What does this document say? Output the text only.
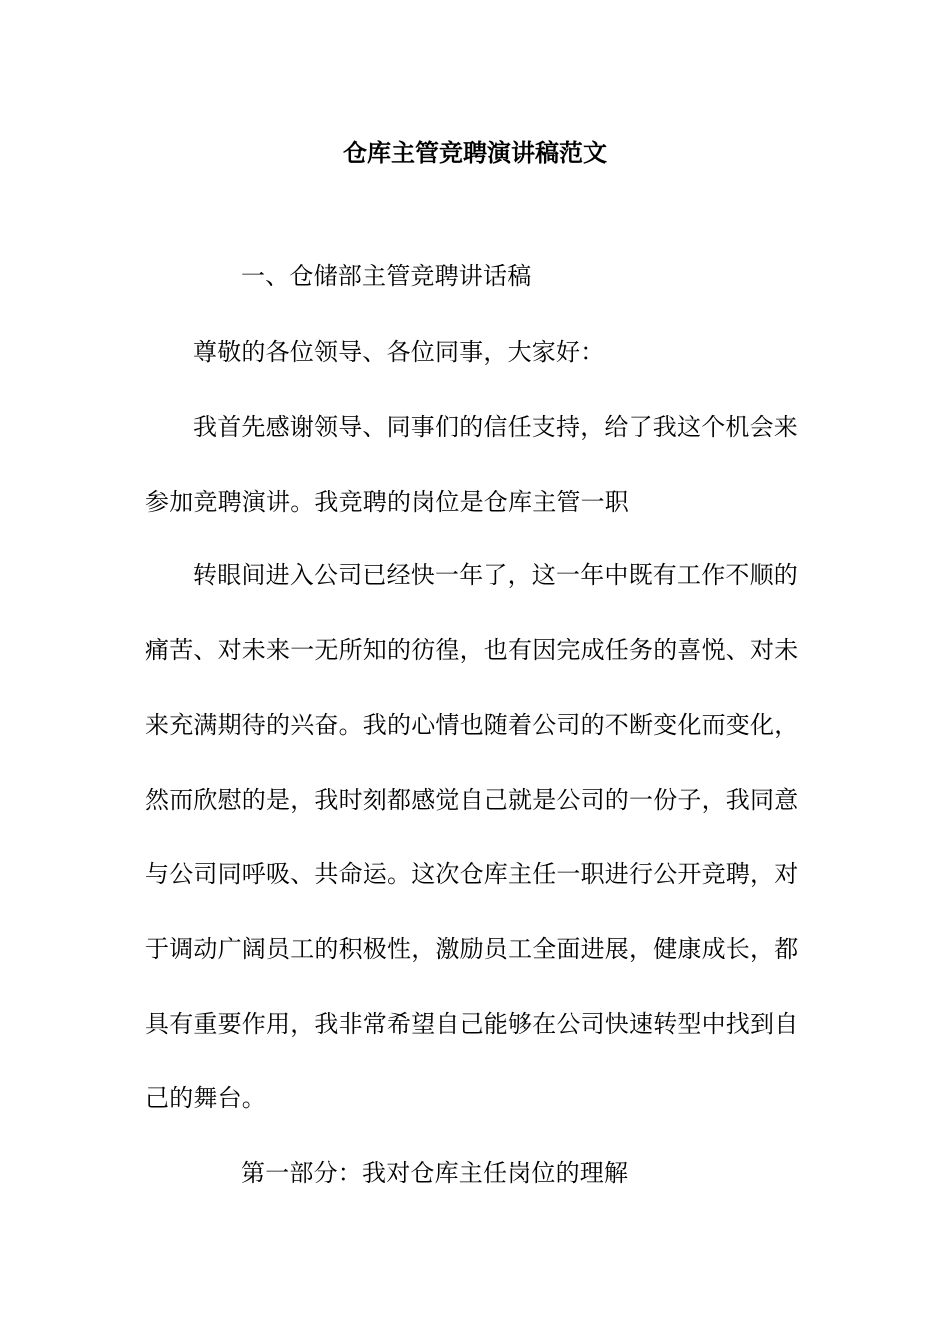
仓库主管竞聘演讲稿范文
一、仓储部主管竞聘讲话稿
尊敬的各位领导、各位同事，大家好：
我首先感谢领导、同事们的信任支持，给了我这个机会来
参加竞聘演讲。我竞聘的岗位是仓库主管一职
转眼间进入公司已经快一年了，这一年中既有工作不顺的
痛苦、对未来一无所知的彷徨，也有因完成任务的喜悦、对未
来充满期待的兴奋。我的心情也随着公司的不断变化而变化，
然而欣慰的是，我时刻都感觉自己就是公司的一份子，我同意
与公司同呼吸、共命运。这次仓库主任一职进行公开竞聘，对
于调动广阔员工的积极性，激励员工全面进展，健康成长，都
具有重要作用，我非常希望自己能够在公司快速转型中找到自
己的舞台。
第一部分：我对仓库主任岗位的理解
